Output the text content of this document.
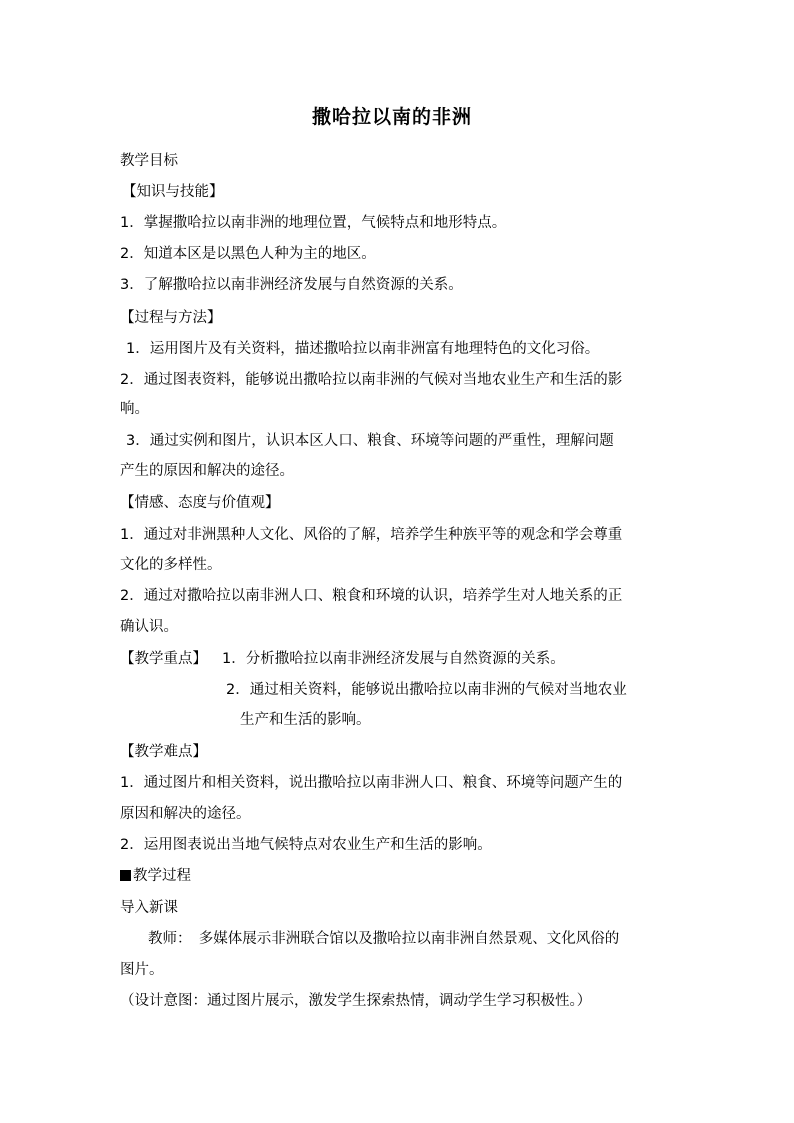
撒哈拉以南的非洲
教学目标
【知识与技能】
1．掌握撒哈拉以南非洲的地理位置，气候特点和地形特点。
2．知道本区是以黑色人种为主的地区。
3．了解撒哈拉以南非洲经济发展与自然资源的关系。
【过程与方法】
1．运用图片及有关资料，描述撒哈拉以南非洲富有地理特色的文化习俗。
2．通过图表资料，能够说出撒哈拉以南非洲的气候对当地农业生产和生活的影
响。
3．通过实例和图片，认识本区人口、粮食、环境等问题的严重性，理解问题
产生的原因和解决的途径。
【情感、态度与价值观】
1．通过对非洲黑种人文化、风俗的了解，培养学生种族平等的观念和学会尊重
文化的多样性。
2．通过对撒哈拉以南非洲人口、粮食和环境的认识，培养学生对人地关系的正
确认识。
【教学重点】 1．分析撒哈拉以南非洲经济发展与自然资源的关系。
2．通过相关资料，能够说出撒哈拉以南非洲的气候对当地农业
生产和生活的影响。
【教学难点】
1．通过图片和相关资料，说出撒哈拉以南非洲人口、粮食、环境等问题产生的
原因和解决的途径。
2．运用图表说出当地气候特点对农业生产和生活的影响。
教学过程
导入新课
教师：　多媒体展示非洲联合馆以及撒哈拉以南非洲自然景观、文化风俗的
图片。
（设计意图：通过图片展示，激发学生探索热情，调动学生学习积极性。）
